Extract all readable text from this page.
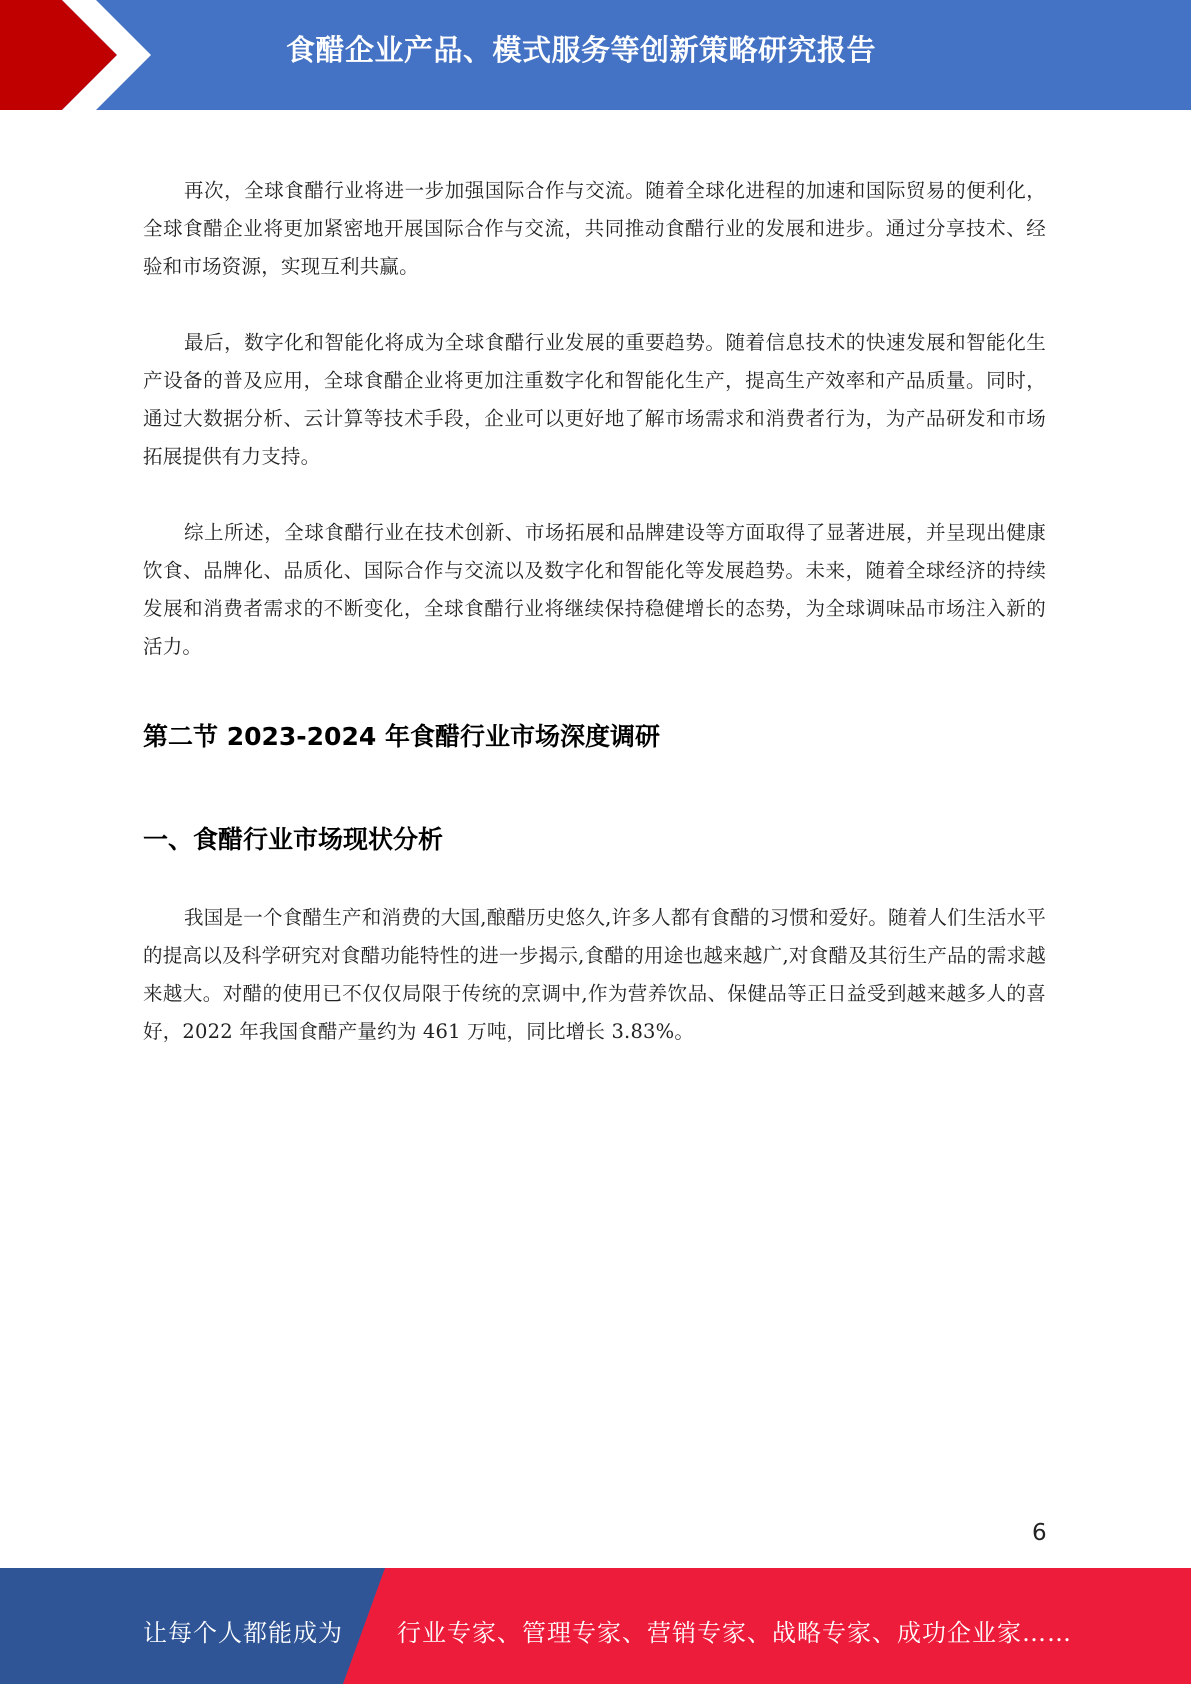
食醋企业产品、模式服务等创新策略研究报告

再次，全球食醋行业将进一步加强国际合作与交流。随着全球化进程的加速和国际贸易的便利化，全球食醋企业将更加紧密地开展国际合作与交流，共同推动食醋行业的发展和进步。通过分享技术、经验和市场资源，实现互利共赢。

最后，数字化和智能化将成为全球食醋行业发展的重要趋势。随着信息技术的快速发展和智能化生产设备的普及应用，全球食醋企业将更加注重数字化和智能化生产，提高生产效率和产品质量。同时，通过大数据分析、云计算等技术手段，企业可以更好地了解市场需求和消费者行为，为产品研发和市场拓展提供有力支持。

综上所述，全球食醋行业在技术创新、市场拓展和品牌建设等方面取得了显著进展，并呈现出健康饮食、品牌化、品质化、国际合作与交流以及数字化和智能化等发展趋势。未来，随着全球经济的持续发展和消费者需求的不断变化，全球食醋行业将继续保持稳健增长的态势，为全球调味品市场注入新的活力。

第二节 2023-2024 年食醋行业市场深度调研
一、食醋行业市场现状分析

我国是一个食醋生产和消费的大国,酿醋历史悠久,许多人都有食醋的习惯和爱好。随着人们生活水平的提高以及科学研究对食醋功能特性的进一步揭示,食醋的用途也越来越广,对食醋及其衍生产品的需求越来越大。对醋的使用已不仅仅局限于传统的烹调中,作为营养饮品、保健品等正日益受到越来越多人的喜好，2022 年我国食醋产量约为 461 万吨，同比增长 3.83%。

6
让每个人都能成为 行业专家、管理专家、营销专家、战略专家、成功企业家……
